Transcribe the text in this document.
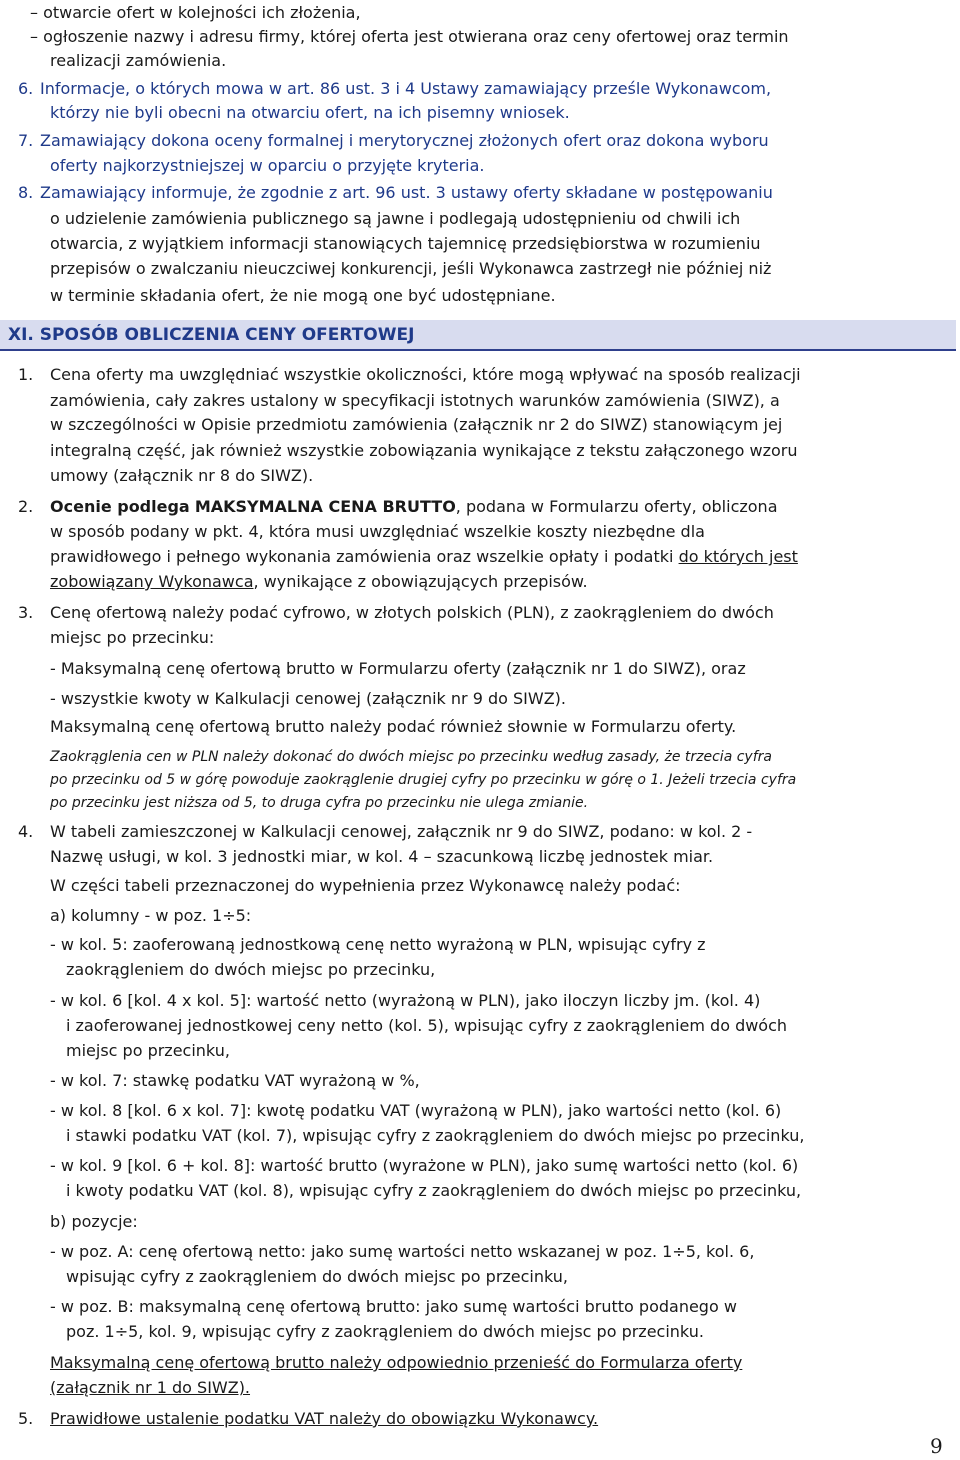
– otwarcie ofert w kolejności ich złożenia,
– ogłoszenie nazwy i adresu firmy, której oferta jest otwierana oraz ceny ofertowej oraz termin
realizacji zamówienia.
6. Informacje, o których mowa w art. 86 ust. 3 i 4 Ustawy zamawiający prześle Wykonawcom,
którzy nie byli obecni na otwarciu ofert, na ich pisemny wniosek.
7. Zamawiający dokona oceny formalnej i merytorycznej złożonych ofert oraz dokona wyboru
oferty najkorzystniejszej w oparciu o przyjęte kryteria.
8. Zamawiający informuje, że zgodnie z art. 96 ust. 3 ustawy oferty składane w postępowaniu
o udzielenie zamówienia publicznego są jawne i podlegają udostępnieniu od chwili ich
otwarcia, z wyjątkiem informacji stanowiących tajemnicę przedsiębiorstwa w rozumieniu
przepisów o zwalczaniu nieuczciwej konkurencji, jeśli Wykonawca zastrzegł nie później niż
w terminie składania ofert, że nie mogą one być udostępniane.
XI. SPOSÓB OBLICZENIA CENY OFERTOWEJ
1. Cena oferty ma uwzględniać wszystkie okoliczności, które mogą wpływać na sposób realizacji
zamówienia, cały zakres ustalony w specyfikacji istotnych warunków zamówienia (SIWZ), a
w szczególności w Opisie przedmiotu zamówienia (załącznik nr 2 do SIWZ) stanowiącym jej
integralną część, jak również wszystkie zobowiązania wynikające z tekstu załączonego wzoru
umowy (załącznik nr 8 do SIWZ).
2. Ocenie podlega MAKSYMALNA CENA BRUTTO, podana w Formularzu oferty, obliczona
w sposób podany w pkt. 4, która musi uwzględniać wszelkie koszty niezbędne dla
prawidłowego i pełnego wykonania zamówienia oraz wszelkie opłaty i podatki do których jest
zobowiązany Wykonawca, wynikające z obowiązujących przepisów.
3. Cenę ofertową należy podać cyfrowo, w złotych polskich (PLN), z zaokrągleniem do dwóch
miejsc po przecinku:
- Maksymalną cenę ofertową brutto w Formularzu oferty (załącznik nr 1 do SIWZ), oraz
- wszystkie kwoty w Kalkulacji cenowej (załącznik nr 9 do SIWZ).
Maksymalną cenę ofertową brutto należy podać również słownie w Formularzu oferty.
Zaokrąglenia cen w PLN należy dokonać do dwóch miejsc po przecinku według zasady, że trzecia cyfra
po przecinku od 5 w górę powoduje zaokrąglenie drugiej cyfry po przecinku w górę o 1. Jeżeli trzecia cyfra
po przecinku jest niższa od 5, to druga cyfra po przecinku nie ulega zmianie.
4. W tabeli zamieszczonej w Kalkulacji cenowej, załącznik nr 9 do SIWZ, podano: w kol. 2 -
Nazwę usługi, w kol. 3 jednostki miar, w kol. 4 – szacunkową liczbę jednostek miar.
W części tabeli przeznaczonej do wypełnienia przez Wykonawcę należy podać:
a) kolumny - w poz. 1÷5:
- w kol. 5: zaoferowaną jednostkową cenę netto wyrażoną w PLN, wpisując cyfry z
zaokrągleniem do dwóch miejsc po przecinku,
- w kol. 6 [kol. 4 x kol. 5]: wartość netto (wyrażoną w PLN), jako iloczyn liczby jm. (kol. 4)
i zaoferowanej jednostkowej ceny netto (kol. 5), wpisując cyfry z zaokrągleniem do dwóch
miejsc po przecinku,
- w kol. 7: stawkę podatku VAT wyrażoną w %,
- w kol. 8 [kol. 6 x kol. 7]: kwotę podatku VAT (wyrażoną w PLN), jako wartości netto (kol. 6)
i stawki podatku VAT (kol. 7), wpisując cyfry z zaokrągleniem do dwóch miejsc po przecinku,
- w kol. 9 [kol. 6 + kol. 8]: wartość brutto (wyrażone w PLN), jako sumę wartości netto (kol. 6)
i kwoty podatku VAT (kol. 8), wpisując cyfry z zaokrągleniem do dwóch miejsc po przecinku,
b) pozycje:
- w poz. A: cenę ofertową netto: jako sumę wartości netto wskazanej w poz. 1÷5, kol. 6,
wpisując cyfry z zaokrągleniem do dwóch miejsc po przecinku,
- w poz. B: maksymalną cenę ofertową brutto: jako sumę wartości brutto podanego w
poz. 1÷5, kol. 9, wpisując cyfry z zaokrągleniem do dwóch miejsc po przecinku.
Maksymalną cenę ofertową brutto należy odpowiednio przenieść do Formularza oferty
(załącznik nr 1 do SIWZ).
5. Prawidłowe ustalenie podatku VAT należy do obowiązku Wykonawcy.
9
